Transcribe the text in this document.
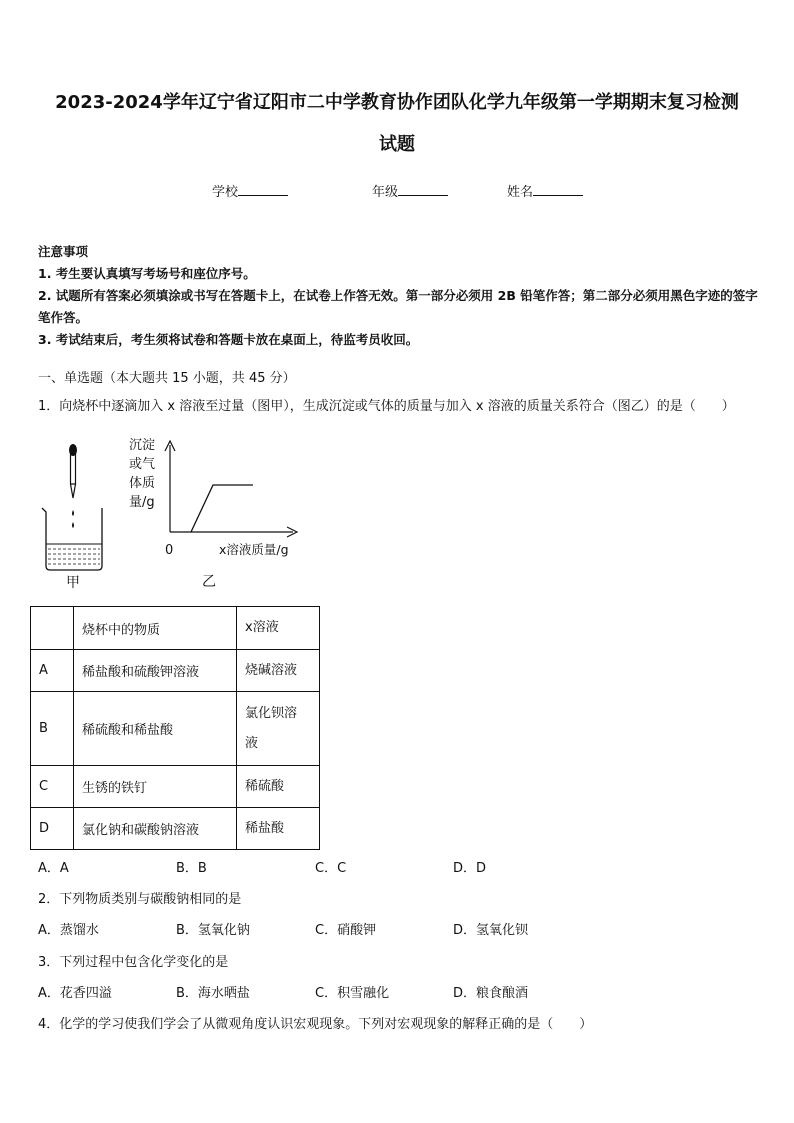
2023-2024学年辽宁省辽阳市二中学教育协作团队化学九年级第一学期期末复习检测
试题
学校	年级	姓名
注意事项
1. 考生要认真填写考场号和座位序号。
2. 试题所有答案必须填涂或书写在答题卡上，在试卷上作答无效。第一部分必须用 2B 铅笔作答；第二部分必须用黑色字迹的签字笔作答。
3. 考试结束后，考生须将试卷和答题卡放在桌面上，待监考员收回。
一、单选题（本大题共 15 小题，共 45 分）
1．向烧杯中逐滴加入 x 溶液至过量（图甲），生成沉淀或气体的质量与加入 x 溶液的质量关系符合（图乙）的是（　　）
甲
沉淀
或气
体质
量/g
0	x溶液质量/g
乙
	烧杯中的物质	x溶液
A	稀盐酸和硫酸钾溶液	烧碱溶液
B	稀硫酸和稀盐酸	氯化钡溶
液

C	生锈的铁钉	稀硫酸
D	氯化钠和碳酸钠溶液	稀盐酸
A．A	B．B	C．C	D．D
2．下列物质类别与碳酸钠相同的是
A．蒸馏水	B．氢氧化钠	C．硝酸钾	D．氢氧化钡
3．下列过程中包含化学变化的是
A．花香四溢	B．海水晒盐	C．积雪融化	D．粮食酿酒
4．化学的学习使我们学会了从微观角度认识宏观现象。下列对宏观现象的解释正确的是（　　）
